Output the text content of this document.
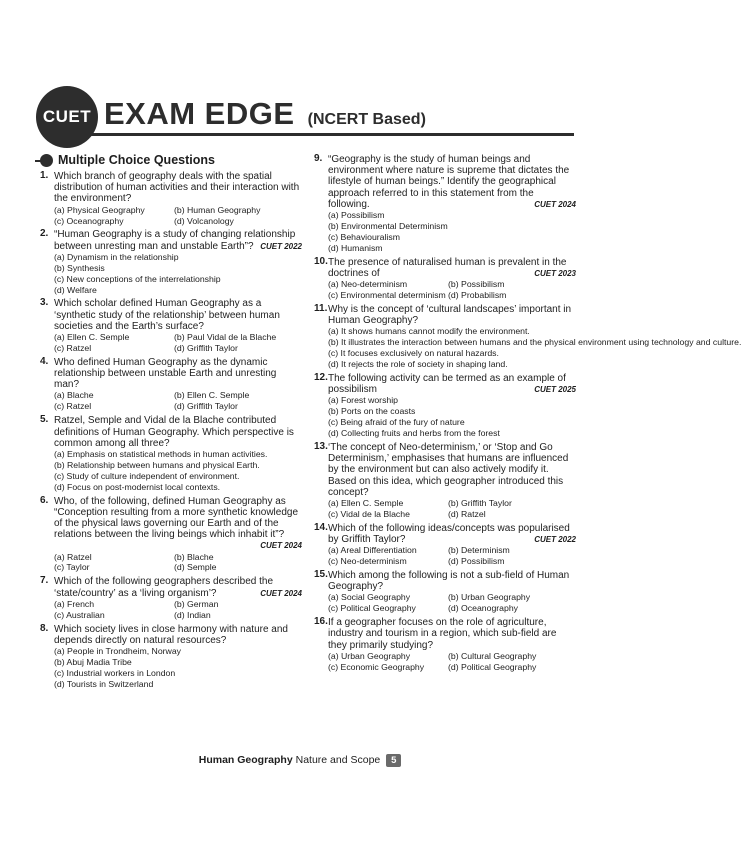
CUET EXAM EDGE (NCERT Based)
Multiple Choice Questions
1. Which branch of geography deals with the spatial distribution of human activities and their interaction with the environment?
(a) Physical Geography	(b) Human Geography
(c) Oceanography	(d) Volcanology
2. “Human Geography is a study of changing relationship between unresting man and unstable Earth”? CUET 2022
(a) Dynamism in the relationship
(b) Synthesis
(c) New conceptions of the interrelationship
(d) Welfare
3. Which scholar defined Human Geography as a ‘synthetic study of the relationship’ between human societies and the Earth’s surface?
(a) Ellen C. Semple	(b) Paul Vidal de la Blache
(c) Ratzel	(d) Griffith Taylor
4. Who defined Human Geography as the dynamic relationship between unstable Earth and unresting man?
(a) Blache	(b) Ellen C. Semple
(c) Ratzel	(d) Griffith Taylor
5. Ratzel, Semple and Vidal de la Blache contributed definitions of Human Geography. Which perspective is common among all three?
(a) Emphasis on statistical methods in human activities.
(b) Relationship between humans and physical Earth.
(c) Study of culture independent of environment.
(d) Focus on post-modernist local contexts.
6. Who, of the following, defined Human Geography as “Conception resulting from a more synthetic knowledge of the physical laws governing our Earth and of the relations between the living beings which inhabit it”?
CUET 2024
(a) Ratzel	(b) Blache
(c) Taylor	(d) Semple
7. Which of the following geographers described the ‘state/country’ as a ‘living organism’?	CUET 2024
(a) French	(b) German
(c) Australian	(d) Indian
8. Which society lives in close harmony with nature and depends directly on natural resources?
(a) People in Trondheim, Norway
(b) Abuj Madia Tribe
(c) Industrial workers in London
(d) Tourists in Switzerland
9. “Geography is the study of human beings and environment where nature is supreme that dictates the lifestyle of human beings.” Identify the geographical approach referred to in this statement from the following.	CUET 2024
(a) Possibilism
(b) Environmental Determinism
(c) Behaviouralism
(d) Humanism
10. The presence of naturalised human is prevalent in the doctrines of	CUET 2023
(a) Neo-determinism	(b) Possibilism
(c) Environmental determinism (d) Probabilism
11. Why is the concept of ‘cultural landscapes’ important in Human Geography?
(a) It shows humans cannot modify the environment.
(b) It illustrates the interaction between humans and the physical environment using technology and culture.
(c) It focuses exclusively on natural hazards.
(d) It rejects the role of society in shaping land.
12. The following activity can be termed as an example of possibilism	CUET 2025
(a) Forest worship
(b) Ports on the coasts
(c) Being afraid of the fury of nature
(d) Collecting fruits and herbs from the forest
13. ‘The concept of Neo-determinism,’ or ‘Stop and Go Determinism,’ emphasises that humans are influenced by the environment but can also actively modify it. Based on this idea, which geographer introduced this concept?
(a) Ellen C. Semple	(b) Griffith Taylor
(c) Vidal de la Blache	(d) Ratzel
14. Which of the following ideas/concepts was popularised by Griffith Taylor?	CUET 2022
(a) Areal Differentiation	(b) Determinism
(c) Neo-determinism	(d) Possibilism
15. Which among the following is not a sub-field of Human Geography?
(a) Social Geography	(b) Urban Geography
(c) Political Geography	(d) Oceanography
16. If a geographer focuses on the role of agriculture, industry and tourism in a region, which sub-field are they primarily studying?
(a) Urban Geography	(b) Cultural Geography
(c) Economic Geography	(d) Political Geography
Human Geography Nature and Scope 5
